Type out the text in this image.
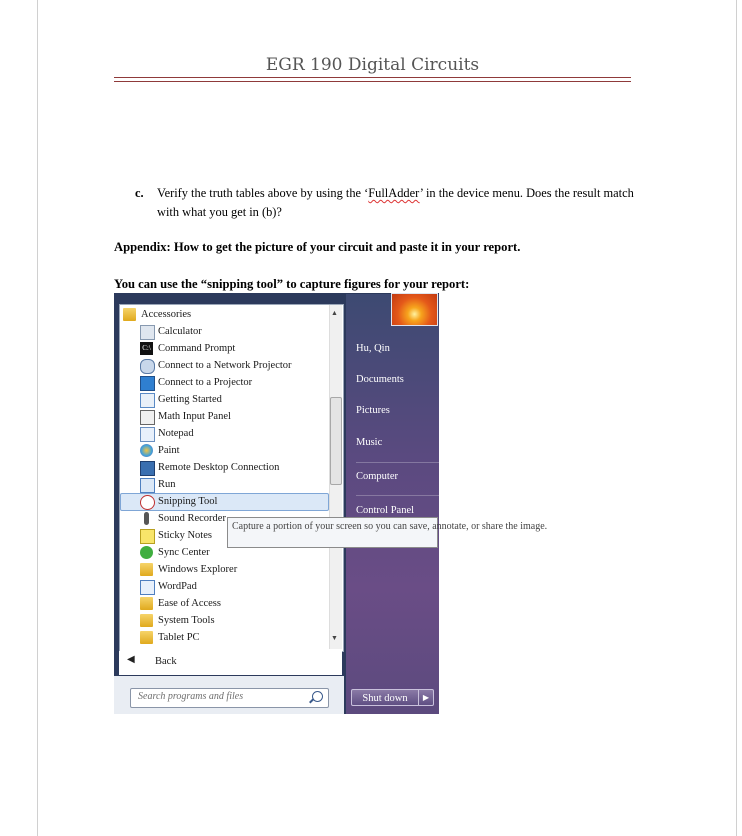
EGR 190 Digital Circuits
c. Verify the truth tables above by using the ‘FullAdder’ in the device menu. Does the result match with what you get in (b)?
Appendix: How to get the picture of your circuit and paste it in your report.
You can use the “snipping tool” to capture figures for your report:
Accessories
Calculator
C:\ Command Prompt
Connect to a Network Projector
Connect to a Projector
Getting Started
Math Input Panel
Notepad
Paint
Remote Desktop Connection
Run
Snipping Tool
Sound Recorder
Sticky Notes
Sync Center
Windows Explorer
WordPad
Ease of Access
System Tools
Tablet PC
▲
▼
Capture a portion of your screen so you can save, annotate, or share the image.
◀ Back
Search programs and files
Hu, Qin
Documents
Pictures
Music
Computer
Control Panel
Shut down	▶
